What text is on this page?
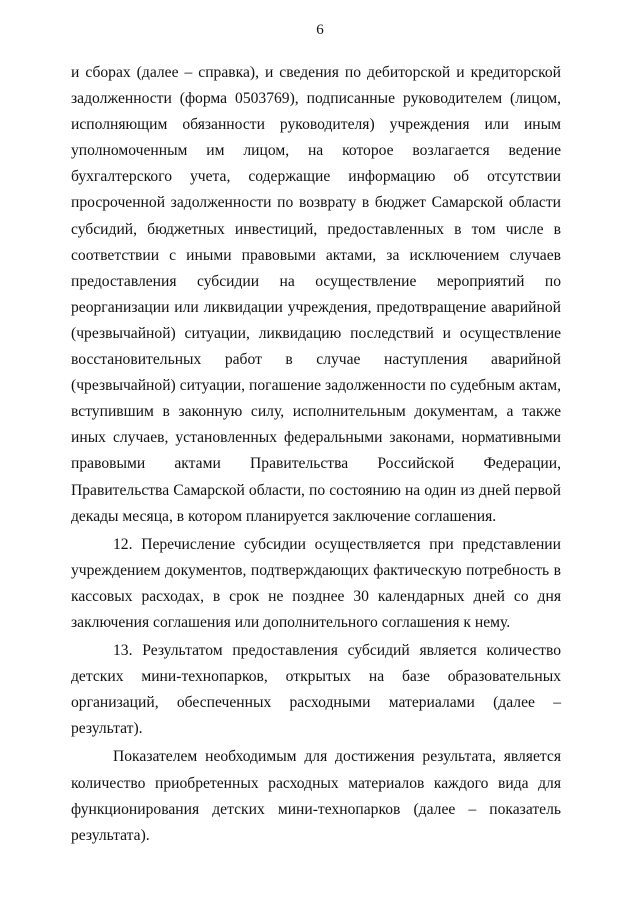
6

и сборах (далее – справка), и сведения по дебиторской и кредиторской задолженности (форма 0503769), подписанные руководителем (лицом, исполняющим обязанности руководителя) учреждения или иным уполномоченным им лицом, на которое возлагается ведение бухгалтерского учета, содержащие информацию об отсутствии просроченной задолженности по возврату в бюджет Самарской области субсидий, бюджетных инвестиций, предоставленных в том числе в соответствии с иными правовыми актами, за исключением случаев предоставления субсидии на осуществление мероприятий по реорганизации или ликвидации учреждения, предотвращение аварийной (чрезвычайной) ситуации, ликвидацию последствий и осуществление восстановительных работ в случае наступления аварийной (чрезвычайной) ситуации, погашение задолженности по судебным актам, вступившим в законную силу, исполнительным документам, а также иных случаев, установленных федеральными законами, нормативными правовыми актами Правительства Российской Федерации, Правительства Самарской области, по состоянию на один из дней первой декады месяца, в котором планируется заключение соглашения.

12. Перечисление субсидии осуществляется при представлении учреждением документов, подтверждающих фактическую потребность в кассовых расходах, в срок не позднее 30 календарных дней со дня заключения соглашения или дополнительного соглашения к нему.

13. Результатом предоставления субсидий является количество детских мини-технопарков, открытых на базе образовательных организаций, обеспеченных расходными материалами (далее – результат).

Показателем необходимым для достижения результата, является количество приобретенных расходных материалов каждого вида для функционирования детских мини-технопарков (далее – показатель результата).
